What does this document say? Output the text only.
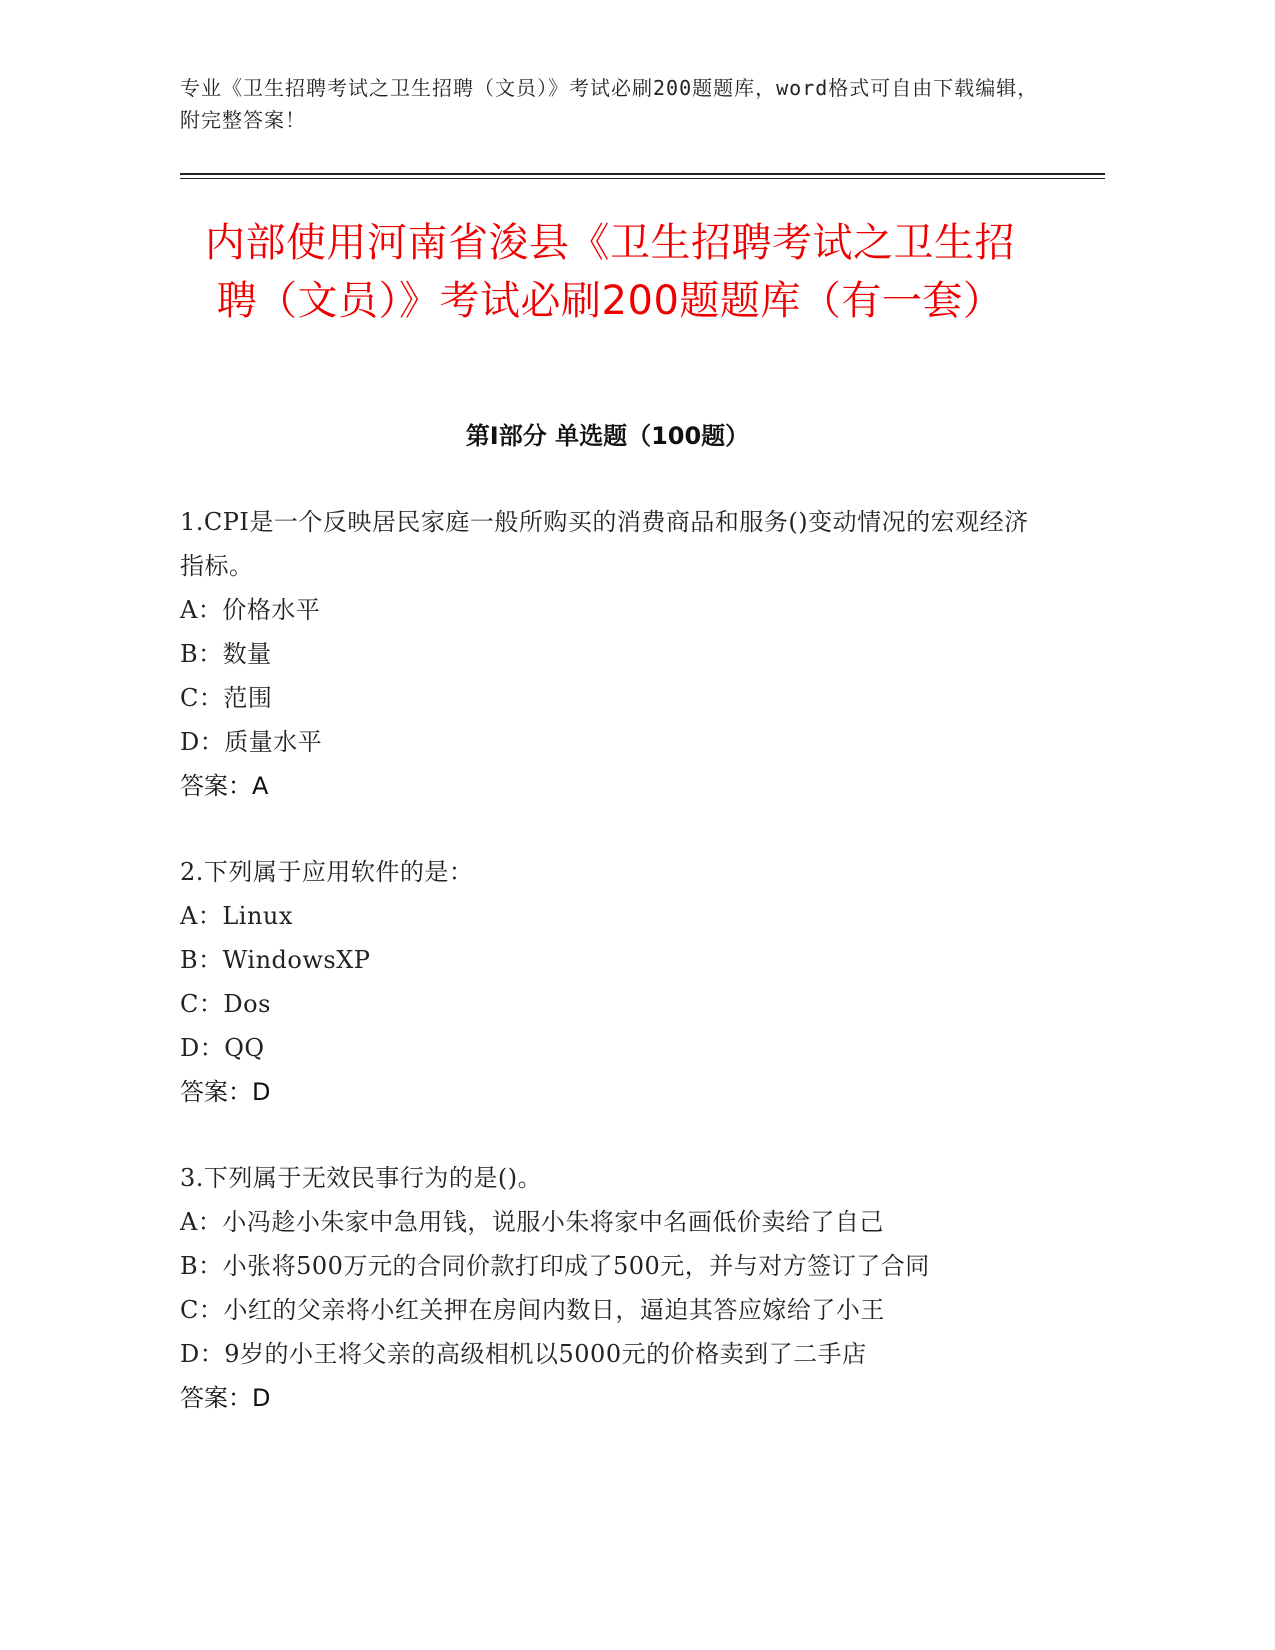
专业《卫生招聘考试之卫生招聘（文员）》考试必刷200题题库，word格式可自由下载编辑，附完整答案！
内部使用河南省浚县《卫生招聘考试之卫生招聘（文员）》考试必刷200题题库（有一套）
第I部分 单选题（100题）
1.CPI是一个反映居民家庭一般所购买的消费商品和服务()变动情况的宏观经济指标。
A：价格水平
B：数量
C：范围
D：质量水平
答案：A
2.下列属于应用软件的是：
A：Linux
B：WindowsXP
C：Dos
D：QQ
答案：D
3.下列属于无效民事行为的是()。
A：小冯趁小朱家中急用钱，说服小朱将家中名画低价卖给了自己
B：小张将500万元的合同价款打印成了500元，并与对方签订了合同
C：小红的父亲将小红关押在房间内数日，逼迫其答应嫁给了小王
D：9岁的小王将父亲的高级相机以5000元的价格卖到了二手店
答案：D
